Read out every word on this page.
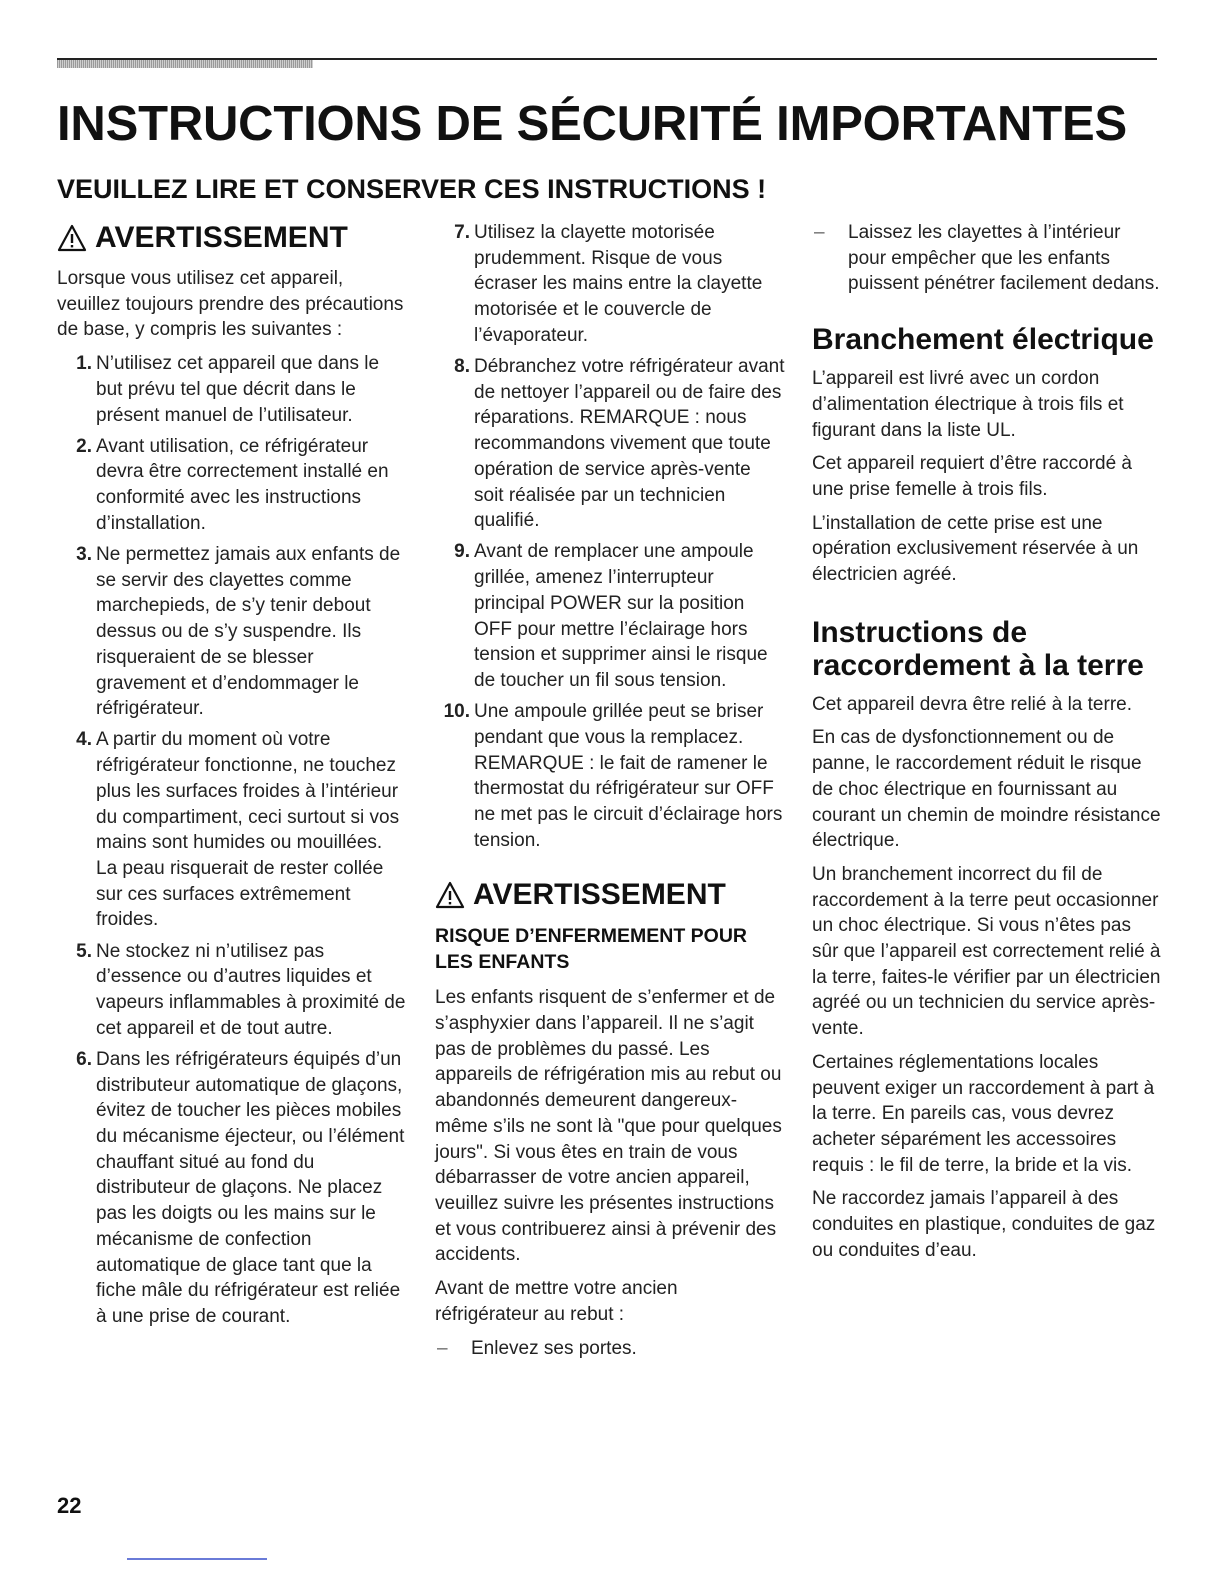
INSTRUCTIONS DE SÉCURITÉ IMPORTANTES
VEUILLEZ LIRE ET CONSERVER CES INSTRUCTIONS !
AVERTISSEMENT

Lorsque vous utilisez cet appareil, veuillez toujours prendre des précautions de base, y compris les suivantes :

1. N’utilisez cet appareil que dans le but prévu tel que décrit dans le présent manuel de l’utilisateur.
2. Avant utilisation, ce réfrigérateur devra être correctement installé en conformité avec les instructions d’installation.
3. Ne permettez jamais aux enfants de se servir des clayettes comme marchepieds, de s’y tenir debout dessus ou de s’y suspendre. Ils risqueraient de se blesser gravement et d’endommager le réfrigérateur.
4. A partir du moment où votre réfrigérateur fonctionne, ne touchez plus les surfaces froides à l’intérieur du compartiment, ceci surtout si vos mains sont humides ou mouillées. La peau risquerait de rester collée sur ces surfaces extrêmement froides.
5. Ne stockez ni n’utilisez pas d’essence ou d’autres liquides et vapeurs inflammables à proximité de cet appareil et de tout autre.
6. Dans les réfrigérateurs équipés d’un distributeur automatique de glaçons, évitez de toucher les pièces mobiles du mécanisme éjecteur, ou l’élément chauffant situé au fond du distributeur de glaçons. Ne placez pas les doigts ou les mains sur le mécanisme de confection automatique de glace tant que la fiche mâle du réfrigérateur est reliée à une prise de courant.
7. Utilisez la clayette motorisée prudemment. Risque de vous écraser les mains entre la clayette motorisée et le couvercle de l’évaporateur.
8. Débranchez votre réfrigérateur avant de nettoyer l’appareil ou de faire des réparations. REMARQUE : nous recommandons vivement que toute opération de service après-vente soit réalisée par un technicien qualifié.
9. Avant de remplacer une ampoule grillée, amenez l’interrupteur principal POWER sur la position OFF pour mettre l’éclairage hors tension et supprimer ainsi le risque de toucher un fil sous tension.
10. Une ampoule grillée peut se briser pendant que vous la remplacez. REMARQUE : le fait de ramener le thermostat du réfrigérateur sur OFF ne met pas le circuit d’éclairage hors tension.
AVERTISSEMENT
RISQUE D’ENFERMEMENT POUR LES ENFANTS

Les enfants risquent de s’enfermer et de s’asphyxier dans l’appareil. Il ne s’agit pas de problèmes du passé. Les appareils de réfrigération mis au rebut ou abandonnés demeurent dangereux-même s’ils ne sont là "que pour quelques jours". Si vous êtes en train de vous débarrasser de votre ancien appareil, veuillez suivre les présentes instructions et vous contribuerez ainsi à prévenir des accidents.

Avant de mettre votre ancien réfrigérateur au rebut :

–	Enlevez ses portes.
–	Laissez les clayettes à l’intérieur pour empêcher que les enfants puissent pénétrer facilement dedans.
Branchement électrique

L’appareil est livré avec un cordon d’alimentation électrique à trois fils et figurant dans la liste UL.

Cet appareil requiert d’être raccordé à une prise femelle à trois fils.

L’installation de cette prise est une opération exclusivement réservée à un électricien agréé.

Instructions de raccordement à la terre

Cet appareil devra être relié à la terre.

En cas de dysfonctionnement ou de panne, le raccordement réduit le risque de choc électrique en fournissant au courant un chemin de moindre résistance électrique.

Un branchement incorrect du fil de raccordement à la terre peut occasionner un choc électrique. Si vous n’êtes pas sûr que l’appareil est correctement relié à la terre, faites-le vérifier par un électricien agréé ou un technicien du service après-vente.

Certaines réglementations locales peuvent exiger un raccordement à part à la terre. En pareils cas, vous devrez acheter séparément les accessoires requis : le fil de terre, la bride et la vis.

Ne raccordez jamais l’appareil à des conduites en plastique, conduites de gaz ou conduites d’eau.

22
